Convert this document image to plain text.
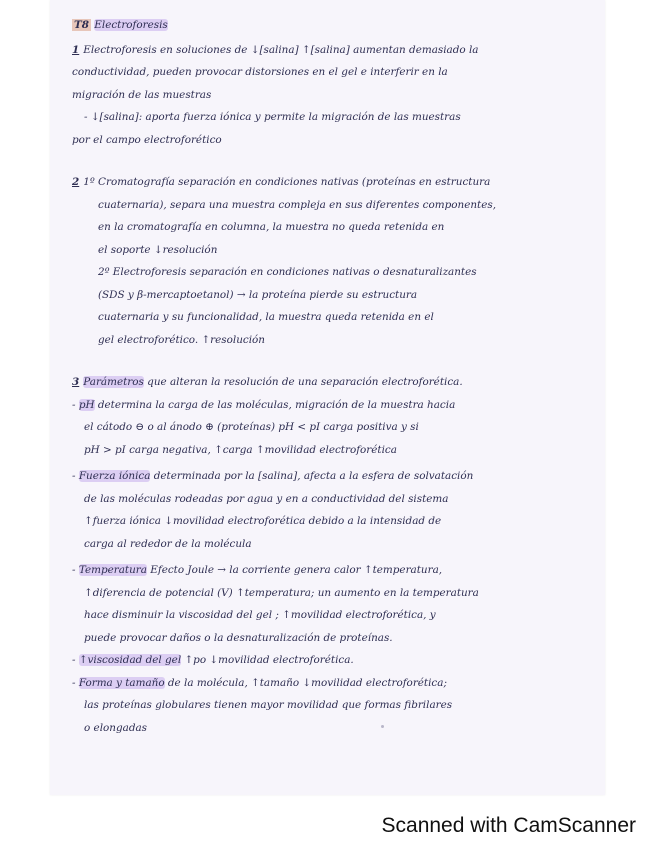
T8 Electroforesis
1 Electroforesis en soluciones de ↓[salina] ↑[salina] aumentan demasiado la
conductividad, pueden provocar distorsiones en el gel e interferir en la
migración de las muestras
- ↓[salina]: aporta fuerza iónica y permite la migración de las muestras
por el campo electroforético
2 1º Cromatografía separación en condiciones nativas (proteínas en estructura
cuaternaria), separa una muestra compleja en sus diferentes componentes,
en la cromatografía en columna, la muestra no queda retenida en
el soporte ↓resolución
2º Electroforesis separación en condiciones nativas o desnaturalizantes
(SDS y β-mercaptoetanol) → la proteína pierde su estructura
cuaternaria y su funcionalidad, la muestra queda retenida en el
gel electroforético. ↑resolución
3 Parámetros que alteran la resolución de una separación electroforética.
- pH determina la carga de las moléculas, migración de la muestra hacia
el cátodo ⊖ o al ánodo ⊕ (proteínas) pH < pI carga positiva y si
pH > pI carga negativa, ↑carga ↑movilidad electroforética
- Fuerza iónica determinada por la [salina], afecta a la esfera de solvatación
de las moléculas rodeadas por agua y en a conductividad del sistema
↑fuerza iónica ↓movilidad electroforética debido a la intensidad de
carga al rededor de la molécula
- Temperatura Efecto Joule → la corriente genera calor ↑temperatura,
↑diferencia de potencial (V) ↑temperatura; un aumento en la temperatura
hace disminuir la viscosidad del gel ; ↑movilidad electroforética, y
puede provocar daños o la desnaturalización de proteínas.
- ↑viscosidad del gel ↑po ↓movilidad electroforética.
- Forma y tamaño de la molécula, ↑tamaño ↓movilidad electroforética;
las proteínas globulares tienen mayor movilidad que formas fibrilares
o elongadas
Scanned with CamScanner
